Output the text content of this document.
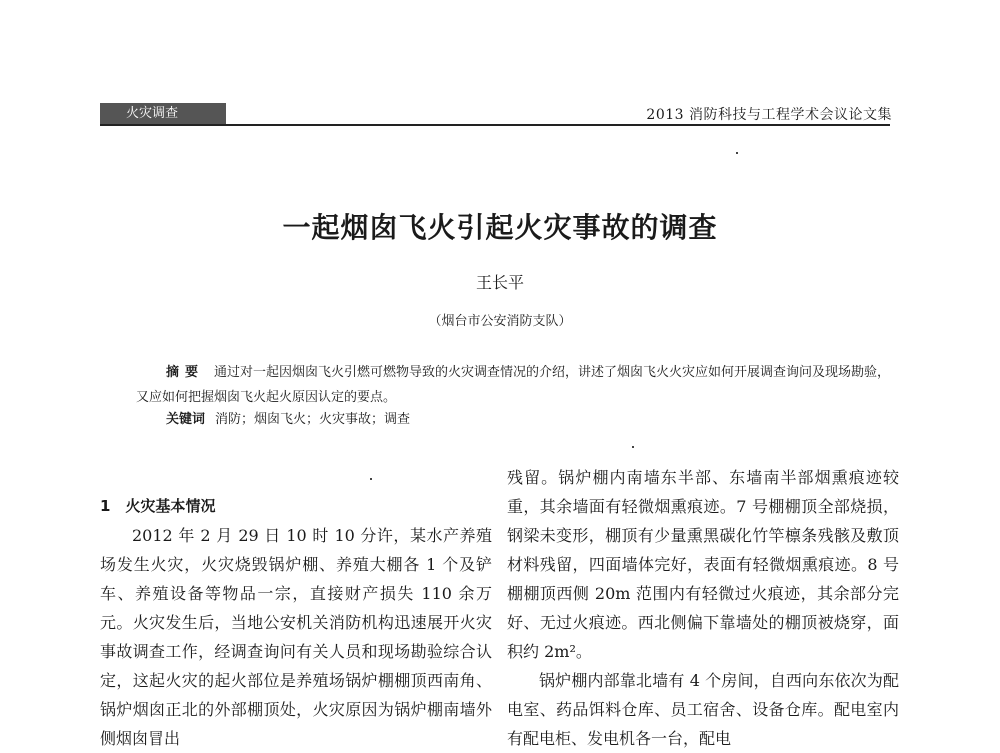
火灾调查	2013 消防科技与工程学术会议论文集
一起烟囱飞火引起火灾事故的调查
王长平
（烟台市公安消防支队）
摘要 通过对一起因烟囱飞火引燃可燃物导致的火灾调查情况的介绍，讲述了烟囱飞火火灾应如何开展调查询问及现场勘验，又应如何把握烟囱飞火起火原因认定的要点。
关键词 消防；烟囱飞火；火灾事故；调查

1　火灾基本情况

2012 年 2 月 29 日 10 时 10 分许，某水产养殖场发生火灾，火灾烧毁锅炉棚、养殖大棚各 1 个及铲车、养殖设备等物品一宗，直接财产损失 110 余万元。火灾发生后，当地公安机关消防机构迅速展开火灾事故调查工作，经调查询问有关人员和现场勘验综合认定，这起火灾的起火部位是养殖场锅炉棚棚顶西南角、锅炉烟囱正北的外部棚顶处，火灾原因为锅炉棚南墙外侧烟囱冒出

残留。锅炉棚内南墙东半部、东墙南半部烟熏痕迹较重，其余墙面有轻微烟熏痕迹。7 号棚棚顶全部烧损，钢梁未变形，棚顶有少量熏黑碳化竹竿檩条残骸及敷顶材料残留，四面墙体完好，表面有轻微烟熏痕迹。8 号棚棚顶西侧 20m 范围内有轻微过火痕迹，其余部分完好、无过火痕迹。西北侧偏下靠墙处的棚顶被烧穿，面积约 2m²。

锅炉棚内部靠北墙有 4 个房间，自西向东依次为配电室、药品饵料仓库、员工宿舍、设备仓库。配电室内有配电柜、发电机各一台，配电
